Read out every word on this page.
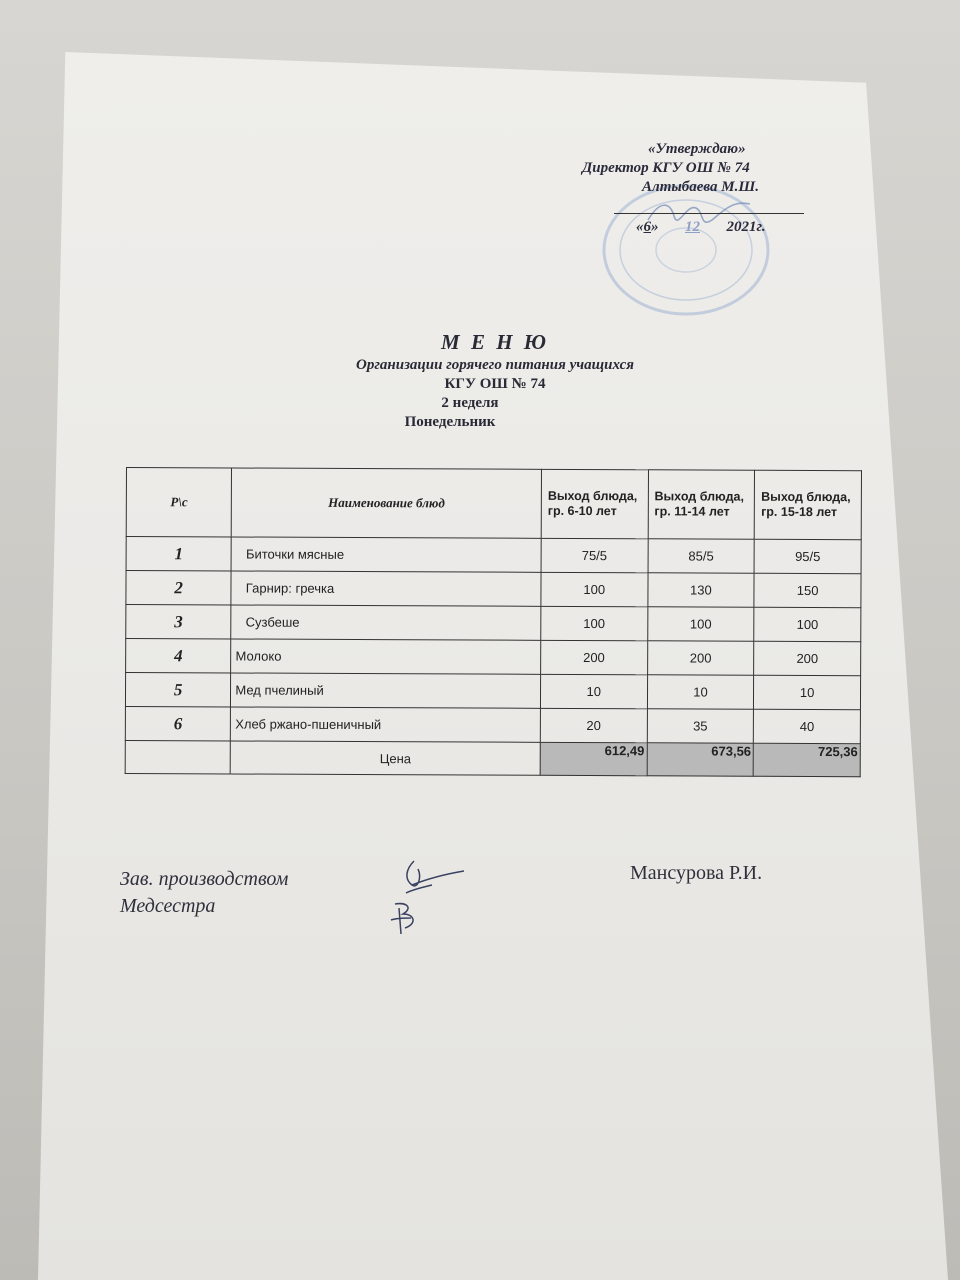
«Утверждаю»
Директор КГУ ОШ № 74
Алтыбаева М.Ш.
«6» 12 2021г.
М Е Н Ю
Организации горячего питания учащихся
КГУ ОШ № 74
2 неделя
Понедельник
Р\с	Наименование блюд	Выход блюда, гр. 6-10 лет	Выход блюда, гр. 11-14 лет	Выход блюда, гр. 15-18 лет
1	Биточки мясные	75/5	85/5	95/5
2	Гарнир: гречка	100	130	150
3	Сузбеше	100	100	100
4	Молоко	200	200	200
5	Мед пчелиный	10	10	10
6	Хлеб ржано-пшеничный	20	35	40
	Цена	612,49	673,56	725,36
Зав. производством
Медсестра
Мансурова Р.И.
